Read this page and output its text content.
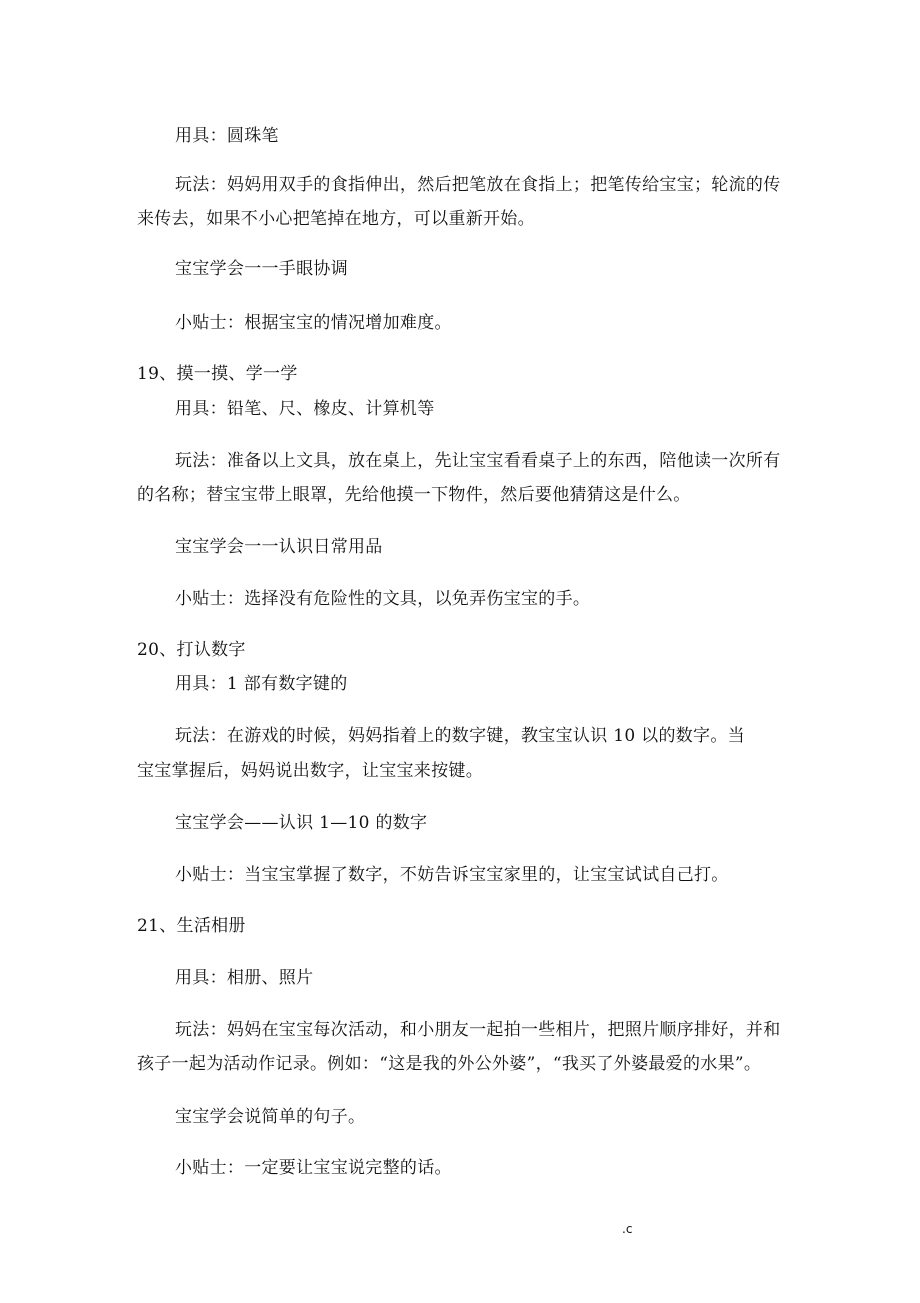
用具：圆珠笔
玩法：妈妈用双手的食指伸出，然后把笔放在食指上；把笔传给宝宝；轮流的传
来传去，如果不小心把笔掉在地方，可以重新开始。
宝宝学会一一手眼协调
小贴士：根据宝宝的情况增加难度。
19、摸一摸、学一学
用具：铅笔、尺、橡皮、计算机等
玩法：准备以上文具，放在桌上，先让宝宝看看桌子上的东西，陪他读一次所有
的名称；替宝宝带上眼罩，先给他摸一下物件，然后要他猜猜这是什么。
宝宝学会一一认识日常用品
小贴士：选择没有危险性的文具，以免弄伤宝宝的手。
20、打认数字
用具：1 部有数字键的
玩法：在游戏的时候，妈妈指着上的数字键，教宝宝认识 10 以的数字。当
宝宝掌握后，妈妈说出数字，让宝宝来按键。
宝宝学会——认识 1—10 的数字
小贴士：当宝宝掌握了数字，不妨告诉宝宝家里的，让宝宝试试自己打。
21、生活相册
用具：相册、照片
玩法：妈妈在宝宝每次活动，和小朋友一起拍一些相片，把照片顺序排好，并和
孩子一起为活动作记录。例如：“这是我的外公外婆”，“我买了外婆最爱的水果”。
宝宝学会说简单的句子。
小贴士：一定要让宝宝说完整的话。
.c
